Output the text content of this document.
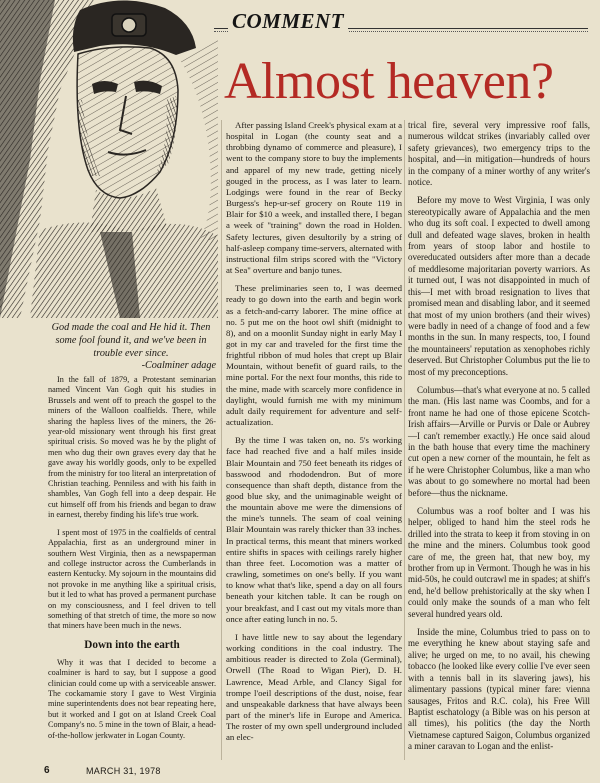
COMMENT
Almost heaven?
God made the coal and He hid it. Then some fool found it, and we've been in trouble ever since.
-Coalminer adage

In the fall of 1879, a Protestant seminarian named Vincent Van Gogh quit his studies in Brussels and went off to preach the gospel to the miners of the Walloon coalfields. There, while sharing the hapless lives of the miners, the 26-year-old missionary went through his first great spiritual crisis. So moved was he by the plight of men who dug their own graves every day that he gave away his worldly goods, only to be expelled from the ministry for too literal an interpretation of Christian teaching. Penniless and with his faith in shambles, Van Gogh fell into a deep despair. He cut himself off from his friends and began to draw in earnest, thereby finding his life's true work.

I spent most of 1975 in the coalfields of central Appalachia, first as an underground miner in southern West Virginia, then as a newspaperman and college instructor across the Cumberlands in eastern Kentucky. My sojourn in the mountains did not provoke in me anything like a spiritual crisis, but it led to what has proved a permanent purchase on my consciousness, and I feel driven to tell something of that stretch of time, the more so now that miners have been much in the news.

Down into the earth

Why it was that I decided to become a coalminer is hard to say, but I suppose a good clinician could come up with a serviceable answer. The cockamamie story I gave to West Virginia mine superintendents does not bear repeating here, but it worked and I got on at Island Creek Coal Company's no. 5 mine in the town of Blair, a head-of-the-hollow jerkwater in Logan County.

After passing Island Creek's physical exam at a hospital in Logan (the county seat and a throbbing dynamo of commerce and pleasure), I went to the company store to buy the implements and apparel of my new trade, getting nicely gouged in the process, as I was later to learn. Lodgings were found in the rear of Becky Burgess's hep-ur-sef grocery on Route 119 in Blair for $10 a week, and installed there, I began a week of "training" down the road in Holden. Safety lectures, given desultorily by a string of half-asleep company time-servers, alternated with instructional film strips scored with the "Victory at Sea" overture and banjo tunes.

These preliminaries seen to, I was deemed ready to go down into the earth and begin work as a fetch-and-carry laborer. The mine office at no. 5 put me on the hoot owl shift (midnight to 8), and on a moonlit Sunday night in early May I got in my car and traveled for the first time the frightful ribbon of mud holes that crept up Blair Mountain, without benefit of guard rails, to the mine portal. For the next four months, this ride to the mine, made with scarcely more confidence in daylight, would furnish me with my minimum adult daily requirement for adventure and self-actualization.

By the time I was taken on, no. 5's working face had reached five and a half miles inside Blair Mountain and 750 feet beneath its ridges of basswood and rhododendron. But of more consequence than shaft depth, distance from the good blue sky, and the unimaginable weight of the mountain above me were the dimensions of the mine's tunnels. The seam of coal veining Blair Mountain was rarely thicker than 33 inches. In practical terms, this meant that miners worked entire shifts in spaces with ceilings rarely higher than three feet. Locomotion was a matter of crawling, sometimes on one's belly. If you want to know what that's like, spend a day on all fours beneath your kitchen table. It can be rough on your breakfast, and I cast out my vitals more than once after eating lunch in no. 5.

I have little new to say about the legendary working conditions in the coal industry. The ambitious reader is directed to Zola (Germinal), Orwell (The Road to Wigan Pier), D. H. Lawrence, Mead Arble, and Clancy Sigal for trompe l'oeil descriptions of the dust, noise, fear and unspeakable darkness that have always been part of the miner's life in Europe and America. The roster of my own spell underground included an elec-

trical fire, several very impressive roof falls, numerous wildcat strikes (invariably called over safety grievances), two emergency trips to the hospital, and—in mitigation—hundreds of hours in the company of a miner worthy of any writer's notice.

Before my move to West Virginia, I was only stereotypically aware of Appalachia and the men who dug its soft coal. I expected to dwell among dull and defeated wage slaves, broken in health from years of stoop labor and hostile to overeducated outsiders after more than a decade of meddlesome majoritarian poverty warriors. As it turned out, I was not disappointed in much of this—I met with broad resignation to lives that promised mean and disabling labor, and it seemed that most of my union brothers (and their wives) were badly in need of a change of food and a few months in the sun. In many respects, too, I found the mountaineers' reputation as xenophobes richly deserved. But Christopher Columbus put the lie to most of my preconceptions.

Columbus—that's what everyone at no. 5 called the man. (His last name was Coombs, and for a front name he had one of those epicene Scotch-Irish affairs—Arville or Purvis or Dale or Aubrey—I can't remember exactly.) He once said aloud in the bath house that every time the machinery cut open a new corner of the mountain, he felt as if he were Christopher Columbus, like a man who was about to go somewhere no mortal had been before—thus the nickname.

Columbus was a roof bolter and I was his helper, obliged to hand him the steel rods he drilled into the strata to keep it from stoving in on the mine and the miners. Columbus took good care of me, the green hat, that new boy, my brother from up in Vermont. Though he was in his mid-50s, he could outcrawl me in spades; at shift's end, he'd bellow prehistorically at the sky when I could only make the sounds of a man who felt several hundred years old.

Inside the mine, Columbus tried to pass on to me everything he knew about staying safe and alive; he urged on me, to no avail, his chewing tobacco (he looked like every collie I've ever seen with a tennis ball in its slavering jaws), his alimentary passions (typical miner fare: vienna sausages, Fritos and R.C. cola), his Free Will Baptist eschatology (a Bible was on his person at all times), his politics (the day the North Vietnamese captured Saigon, Columbus organized a miner caravan to Logan and the enlist-

6	MARCH 31, 1978
